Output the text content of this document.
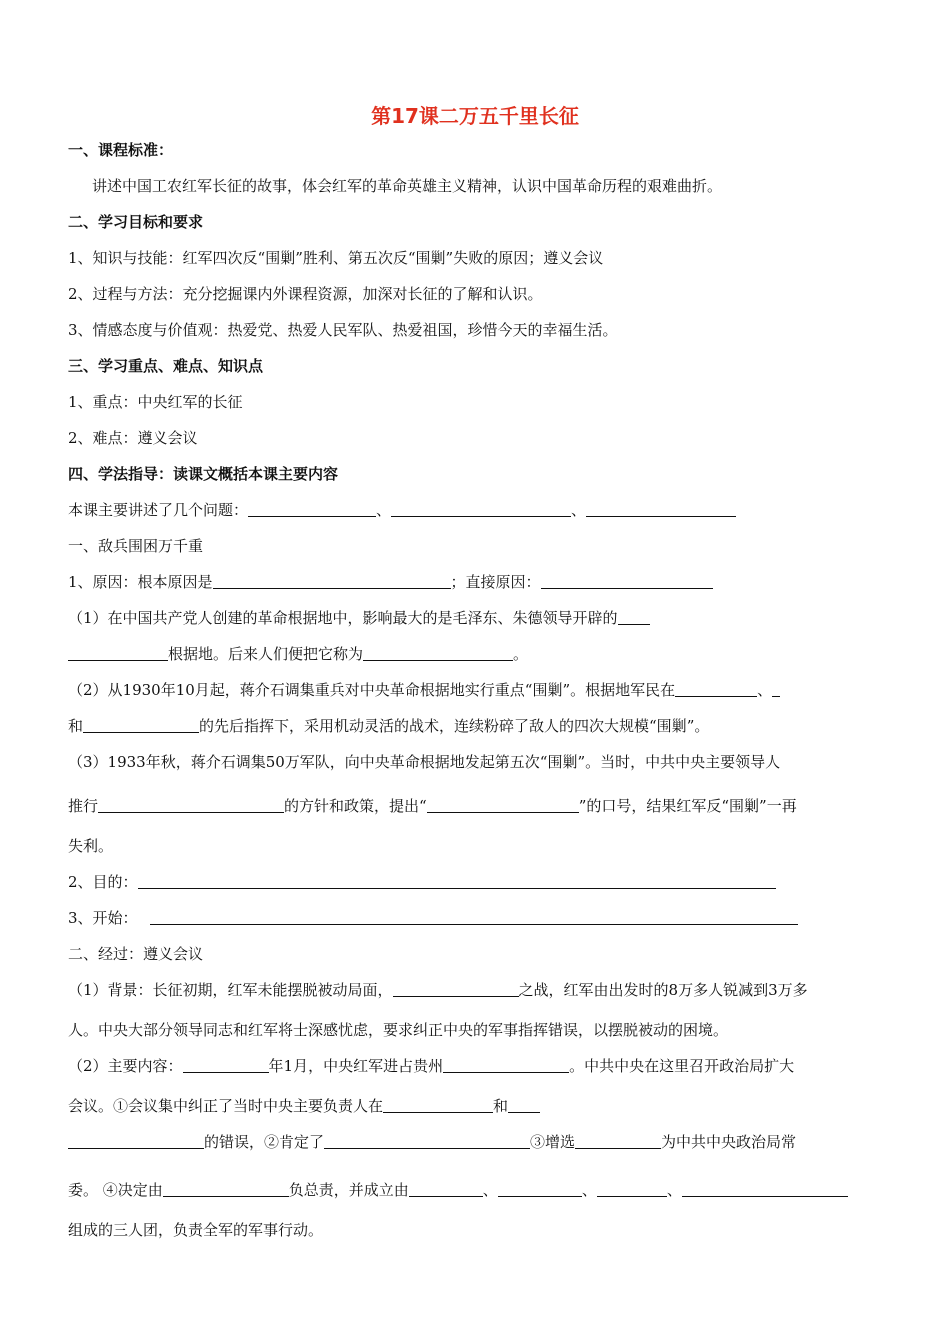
第17课二万五千里长征
一、课程标准：
讲述中国工农红军长征的故事，体会红军的革命英雄主义精神，认识中国革命历程的艰难曲折。
二、学习目标和要求
1、知识与技能：红军四次反“围剿”胜利、第五次反“围剿”失败的原因；遵义会议
2、过程与方法：充分挖掘课内外课程资源，加深对长征的了解和认识。
3、情感态度与价值观：热爱党、热爱人民军队、热爱祖国，珍惜今天的幸福生活。
三、学习重点、难点、知识点
1、重点：中央红军的长征
2、难点：遵义会议
四、学法指导：读课文概括本课主要内容
本课主要讲述了几个问题：	、	、
一、敌兵围困万千重
1、原因：根本原因是	；直接原因：
（1）在中国共产党人创建的革命根据地中，影响最大的是毛泽东、朱德领导开辟的
根据地。后来人们便把它称为	。
（2）从1930年10月起，蒋介石调集重兵对中央革命根据地实行重点“围剿”。根据地军民在	、
和	的先后指挥下，采用机动灵活的战术，连续粉碎了敌人的四次大规模“围剿”。
（3）1933年秋，蒋介石调集50万军队，向中央革命根据地发起第五次“围剿”。当时，中共中央主要领导人
推行	的方针和政策，提出“	”的口号，结果红军反“围剿”一再
失利。
2、目的：
3、开始：
二、经过：遵义会议
（1）背景：长征初期，红军未能摆脱被动局面，	之战，红军由出发时的8万多人锐减到3万多
人。中央大部分领导同志和红军将士深感忧虑，要求纠正中央的军事指挥错误，以摆脱被动的困境。
（2）主要内容：	年1月，中央红军进占贵州	。中共中央在这里召开政治局扩大
会议。①会议集中纠正了当时中央主要负责人在	和
的错误，②肯定了	③增选	为中共中央政治局常
委。 ④决定由	负总责，并成立由	、	、	、
组成的三人团，负责全军的军事行动。
